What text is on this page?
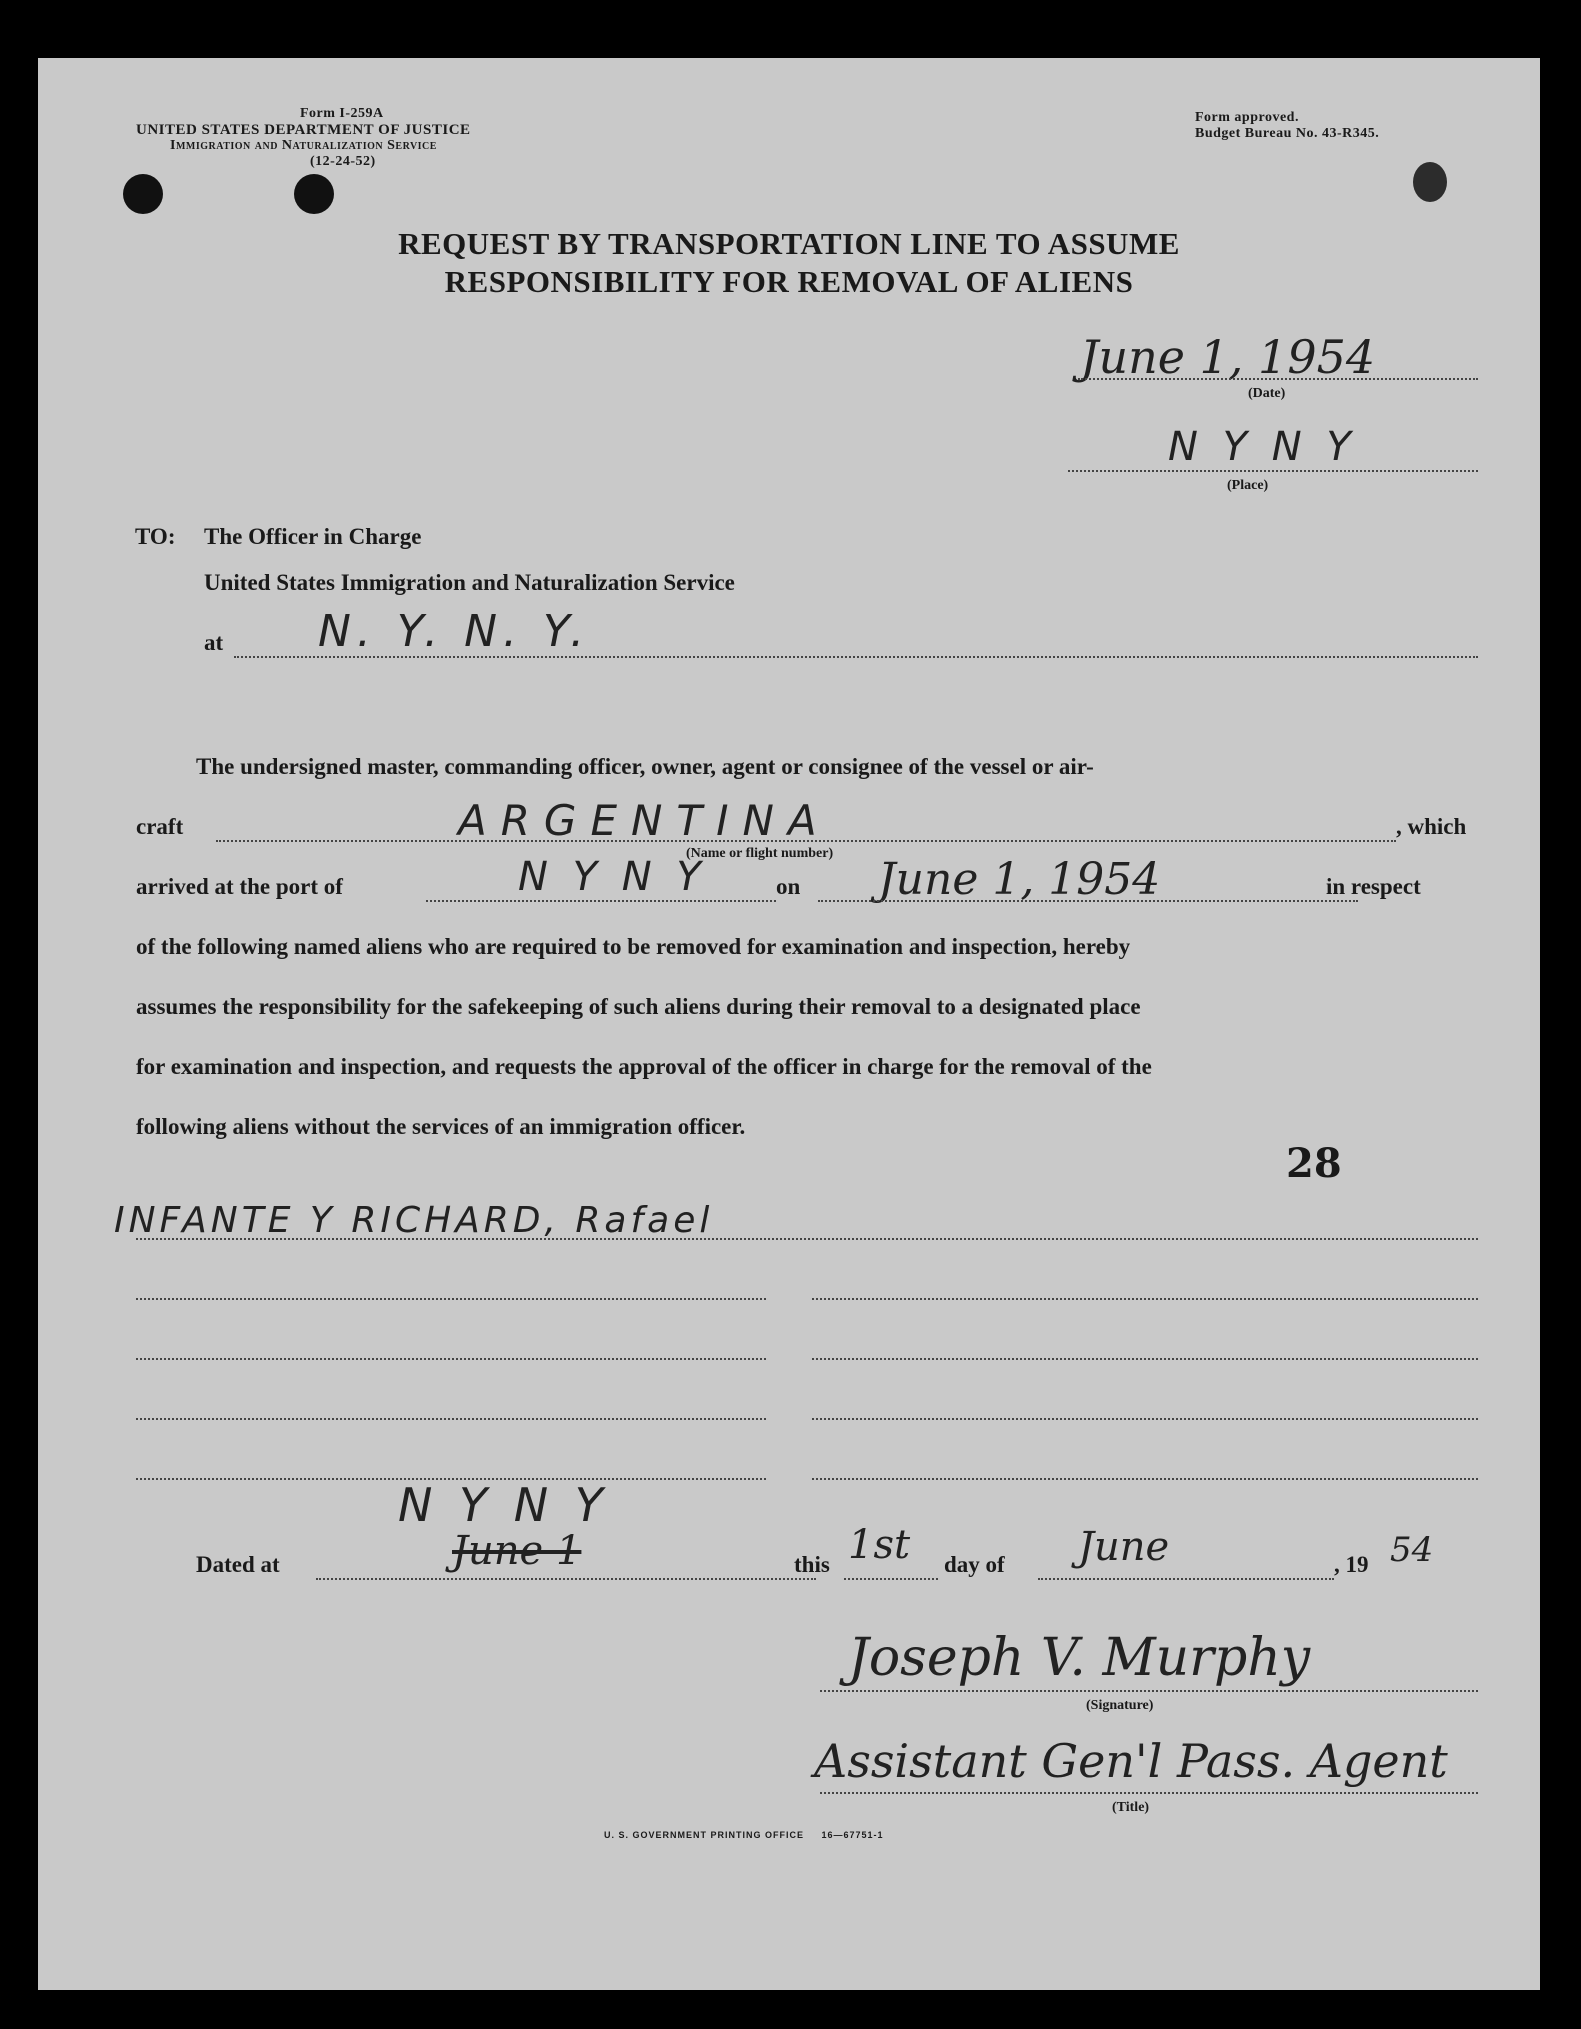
Form I-259A
UNITED STATES DEPARTMENT OF JUSTICE
Immigration and Naturalization Service
(12-24-52)
Form approved.
Budget Bureau No. 43-R345.
REQUEST BY TRANSPORTATION LINE TO ASSUME
RESPONSIBILITY FOR REMOVAL OF ALIENS
June 1, 1954
(Date)
N Y N Y
(Place)
TO: The Officer in Charge
United States Immigration and Naturalization Service
at N. Y. N. Y.
The undersigned master, commanding officer, owner, agent or consignee of the vessel or air-
craft	ARGENTINA
(Name or flight number)
, which
arrived at the port of	N Y N Y	on June 1, 1954	in respect
of the following named aliens who are required to be removed for examination and inspection, hereby
assumes the responsibility for the safekeeping of such aliens during their removal to a designated place
for examination and inspection, and requests the approval of the officer in charge for the removal of the
following aliens without the services of an immigration officer.
28
INFANTE Y RICHARD, Rafael
Dated at
N Y N Y
June 1	this 1st day of June	, 19 54
Joseph V. Murphy
(Signature)
Assistant Gen'l Pass. Agent
(Title)
U. S. GOVERNMENT PRINTING OFFICE     16—67751-1
